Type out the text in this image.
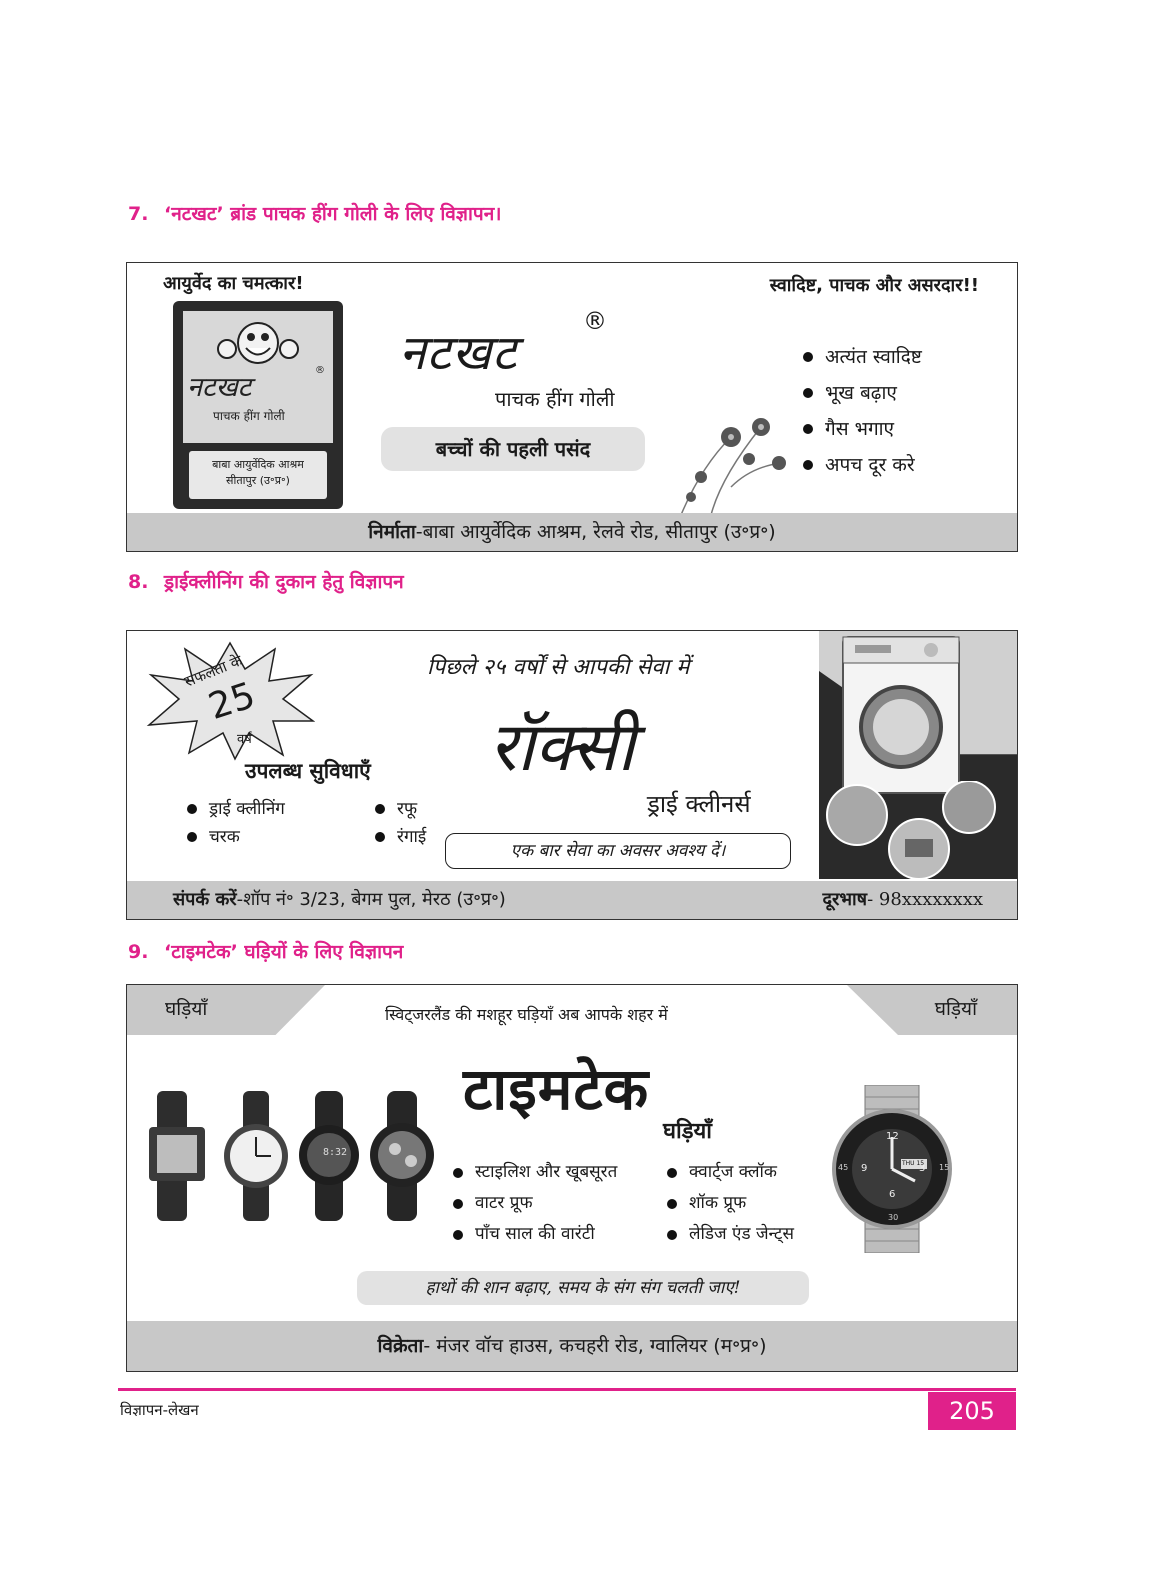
7. ‘नटखट’ ब्रांड पाचक हींग गोली के लिए विज्ञापन।
आयुर्वेद का चमत्कार!	स्वादिष्ट, पाचक और असरदार!!
नटखट
®
पाचक हींग गोली
बाबा आयुर्वेदिक आश्रम
सीतापुर (उ॰प्र॰)
नटखट
®
पाचक हींग गोली
बच्चों की पहली पसंद
अत्यंत स्वादिष्ट
भूख बढ़ाए
गैस भगाए
अपच दूर करे
निर्माता-बाबा आयुर्वेदिक आश्रम, रेलवे रोड, सीतापुर (उ॰प्र॰)
8. ड्राईक्लीनिंग की दुकान हेतु विज्ञापन
सफलता के
25
वर्ष
उपलब्ध सुविधाएँ
ड्राई क्लीनिंग
चरक
रफू
रंगाई
पिछले २५ वर्षों से आपकी सेवा में
रॉक्सी
ड्राई क्लीनर्स
एक बार सेवा का अवसर अवश्य दें।
संपर्क करें-शॉप नं॰ 3/23, बेगम पुल, मेरठ (उ॰प्र॰)	दूरभाष- 98xxxxxxxx
9. ‘टाइमटेक’ घड़ियों के लिए विज्ञापन
घड़ियाँ	घड़ियाँ
स्विट्जरलैंड की मशहूर घड़ियाँ अब आपके शहर में
टाइमटेक
घड़ियाँ
8:32
12
3
6
9
45
30
15
THU 15
स्टाइलिश और खूबसूरत
वाटर प्रूफ
पाँच साल की वारंटी
क्वार्ट्ज क्लॉक
शॉक प्रूफ
लेडिज एंड जेन्ट्स
हाथों की शान बढ़ाए, समय के संग संग चलती जाए!
विक्रेता- मंजर वॉच हाउस, कचहरी रोड, ग्वालियर (म॰प्र॰)
विज्ञापन-लेखन	205
